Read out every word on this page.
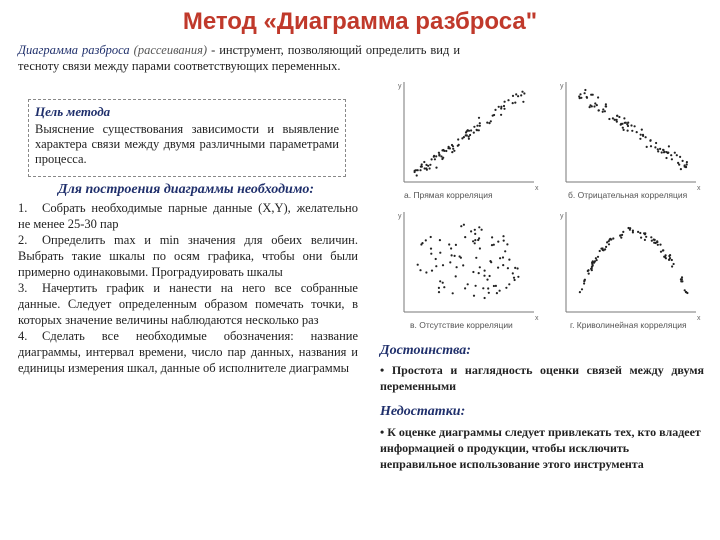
Метод «Диаграмма разброса"
Диаграмма разброса (рассеивания) - инструмент, позволяющий определить вид и тесноту связи между парами соответствующих переменных.
Цель метода
Выяснение существования зависимости и выявление характера связи между двумя различными параметрами процесса.
Для построения диаграммы необходимо:

1. Собрать необходимые парные данные (X,Y), желательно не менее 25-30 пар

2. Определить max и min значения для обеих величин. Выбрать такие шкалы по осям графика, чтобы они были примерно одинаковыми. Проградуировать шкалы

3. Начертить график и нанести на него все собранные данные. Следует определенным образом помечать точки, в которых значение величины наблюдаются несколько раз

4. Сделать все необходимые обозначения: название диаграммы, интервал времени, число пар данных, названия и единицы измерения шкал, данные об исполнителе диаграммы

y
x
y
x
y
x
y
x
а. Прямая корреляция	б. Отрицательная корреляция
в. Отсутствие корреляции	г. Криволинейная корреляция
Достоинства:
• Простота и наглядность оценки связей между двумя переменными
Недостатки:
• К оценке диаграммы следует привлекать тех, кто владеет информацией о продукции, чтобы исключить неправильное использование этого инструмента
